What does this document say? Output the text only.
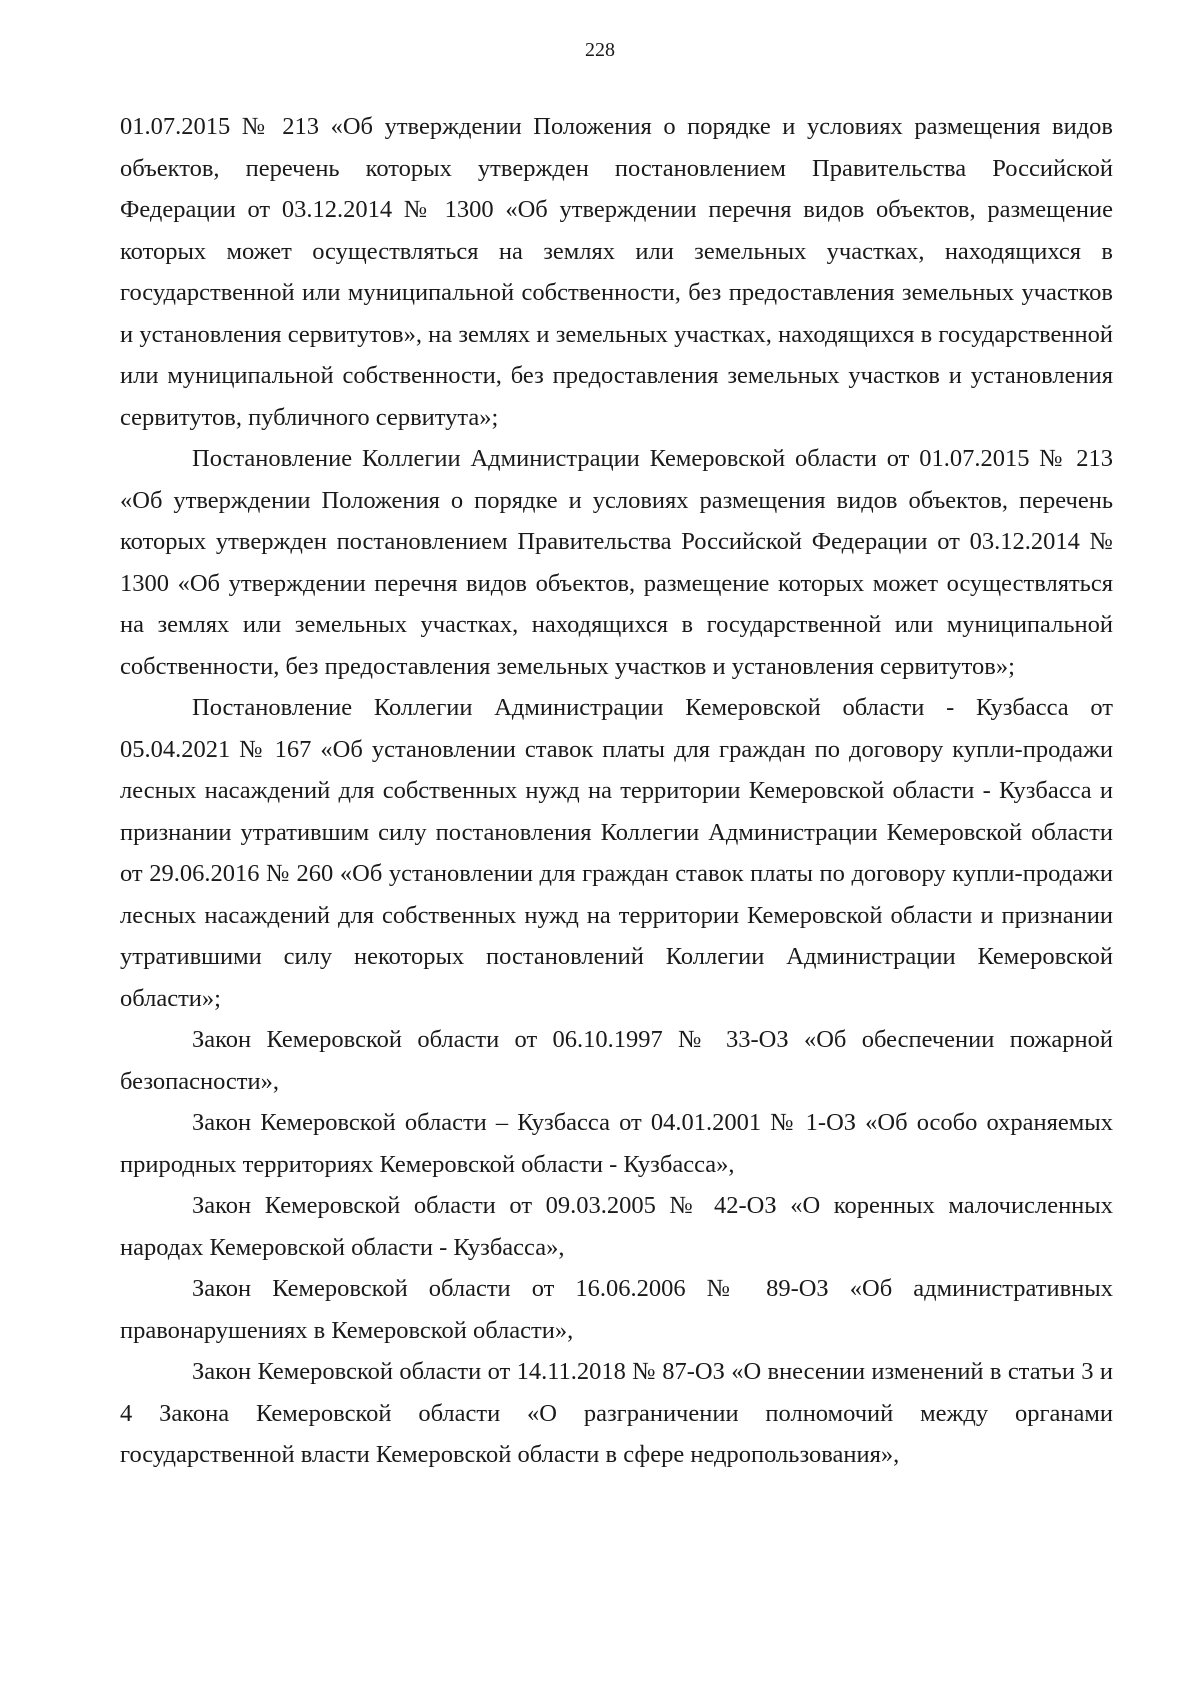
228

01.07.2015 № 213 «Об утверждении Положения о порядке и условиях размещения видов объектов, перечень которых утвержден постановлением Правительства Российской Федерации от 03.12.2014 № 1300 «Об утверждении перечня видов объектов, размещение которых может осуществляться на землях или земельных участках, находящихся в государственной или муниципальной собственности, без предоставления земельных участков и установления сервитутов», на землях и земельных участках, находящихся в государственной или муниципальной собственности, без предоставления земельных участков и установления сервитутов, публичного сервитута»;

Постановление Коллегии Администрации Кемеровской области от 01.07.2015 № 213 «Об утверждении Положения о порядке и условиях размещения видов объектов, перечень которых утвержден постановлением Правительства Российской Федерации от 03.12.2014 № 1300 «Об утверждении перечня видов объектов, размещение которых может осуществляться на землях или земельных участках, находящихся в государственной или муниципальной собственности, без предоставления земельных участков и установления сервитутов»;

Постановление Коллегии Администрации Кемеровской области - Кузбасса от 05.04.2021 № 167 «Об установлении ставок платы для граждан по договору купли-продажи лесных насаждений для собственных нужд на территории Кемеровской области - Кузбасса и признании утратившим силу постановления Коллегии Администрации Кемеровской области от 29.06.2016 № 260 «Об установлении для граждан ставок платы по договору купли-продажи лесных насаждений для собственных нужд на территории Кемеровской области и признании утратившими силу некоторых постановлений Коллегии Администрации Кемеровской области»;

Закон Кемеровской области от 06.10.1997 № 33-ОЗ «Об обеспечении пожарной безопасности»,

Закон Кемеровской области – Кузбасса от 04.01.2001 № 1-ОЗ «Об особо охраняемых природных территориях Кемеровской области - Кузбасса»,

Закон Кемеровской области от 09.03.2005 № 42-ОЗ «О коренных малочисленных народах Кемеровской области - Кузбасса»,

Закон Кемеровской области от 16.06.2006 № 89-ОЗ «Об административных правонарушениях в Кемеровской области»,

Закон Кемеровской области от 14.11.2018 № 87-ОЗ «О внесении изменений в статьи 3 и 4 Закона Кемеровской области «О разграничении полномочий между органами государственной власти Кемеровской области в сфере недропользования»,
